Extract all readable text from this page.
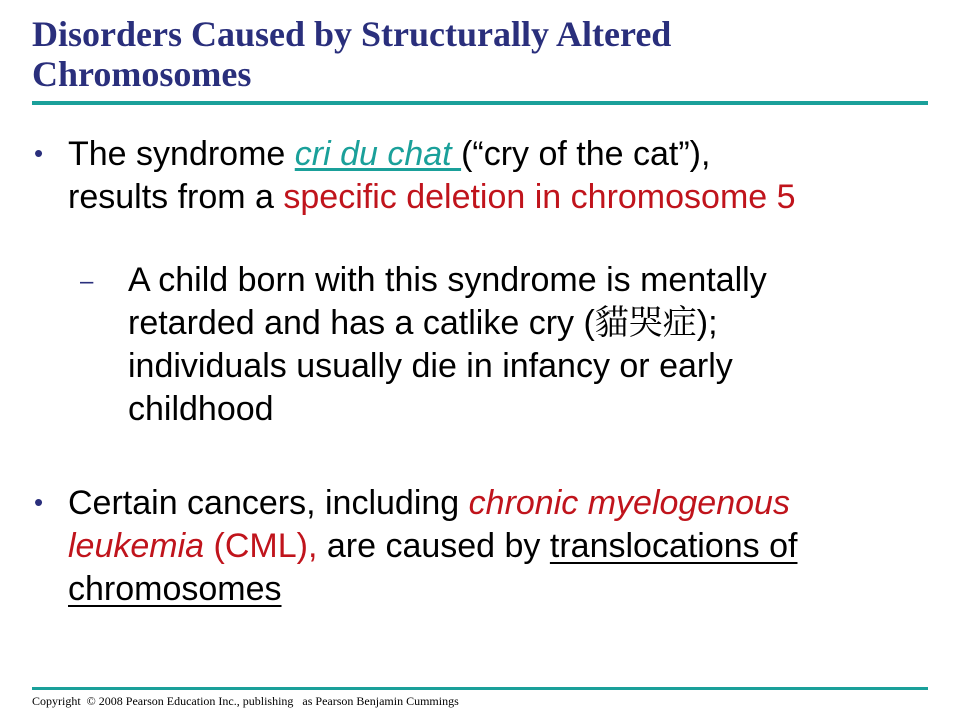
Disorders Caused by Structurally Altered
Chromosomes
• The syndrome cri du chat (“cry of the cat”),
results from a specific deletion in chromosome 5

– A child born with this syndrome is mentally
retarded and has a catlike cry (貓哭症);
individuals usually die in infancy or early
childhood

• Certain cancers, including chronic myelogenous
leukemia (CML), are caused by translocations of
chromosomes

Copyright  © 2008 Pearson Education Inc., publishing   as Pearson Benjamin Cummings
